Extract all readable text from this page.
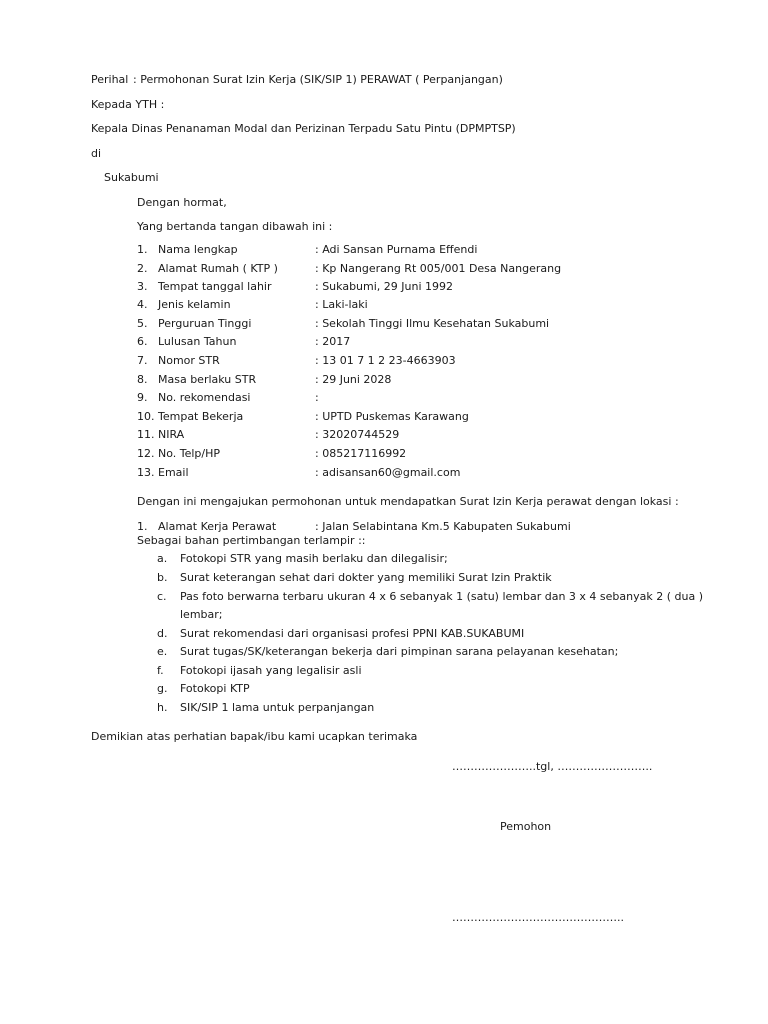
Perihal : Permohonan Surat Izin Kerja (SIK/SIP 1) PERAWAT ( Perpanjangan)
Kepada YTH :
Kepala Dinas Penanaman Modal dan Perizinan Terpadu Satu Pintu (DPMPTSP)
di
Sukabumi
Dengan hormat,
Yang bertanda tangan dibawah ini :
1. Nama lengkap	: Adi Sansan Purnama Effendi
2. Alamat Rumah ( KTP )	: Kp Nangerang Rt 005/001 Desa Nangerang
3. Tempat tanggal lahir	: Sukabumi, 29 Juni 1992
4. Jenis kelamin	: Laki-laki
5. Perguruan Tinggi	: Sekolah Tinggi Ilmu Kesehatan Sukabumi
6. Lulusan Tahun	: 2017
7. Nomor STR	: 13 01 7 1 2 23-4663903
8. Masa berlaku STR	: 29 Juni 2028
9. No. rekomendasi	:
10. Tempat Bekerja	: UPTD Puskemas Karawang
11. NIRA	: 32020744529
12. No. Telp/HP	: 085217116992
13. Email	: adisansan60@gmail.com
Dengan ini mengajukan permohonan untuk mendapatkan Surat Izin Kerja perawat dengan lokasi :
1. Alamat Kerja Perawat	: Jalan Selabintana Km.5 Kabupaten Sukabumi
Sebagai bahan pertimbangan terlampir ::
a. Fotokopi STR yang masih berlaku dan dilegalisir;
b. Surat keterangan sehat dari dokter yang memiliki Surat Izin Praktik
c. Pas foto berwarna terbaru ukuran 4 x 6 sebanyak 1 (satu) lembar dan 3 x 4 sebanyak 2 ( dua )
lembar;
d. Surat rekomendasi dari organisasi profesi PPNI KAB.SUKABUMI
e. Surat tugas/SK/keterangan bekerja dari pimpinan sarana pelayanan kesehatan;
f. Fotokopi ijasah yang legalisir asli
g. Fotokopi KTP
h. SIK/SIP 1 lama untuk perpanjangan
Demikian atas perhatian bapak/ibu kami ucapkan terimaka
…………………..tgl, ……………………..
Pemohon
………………………………………..
